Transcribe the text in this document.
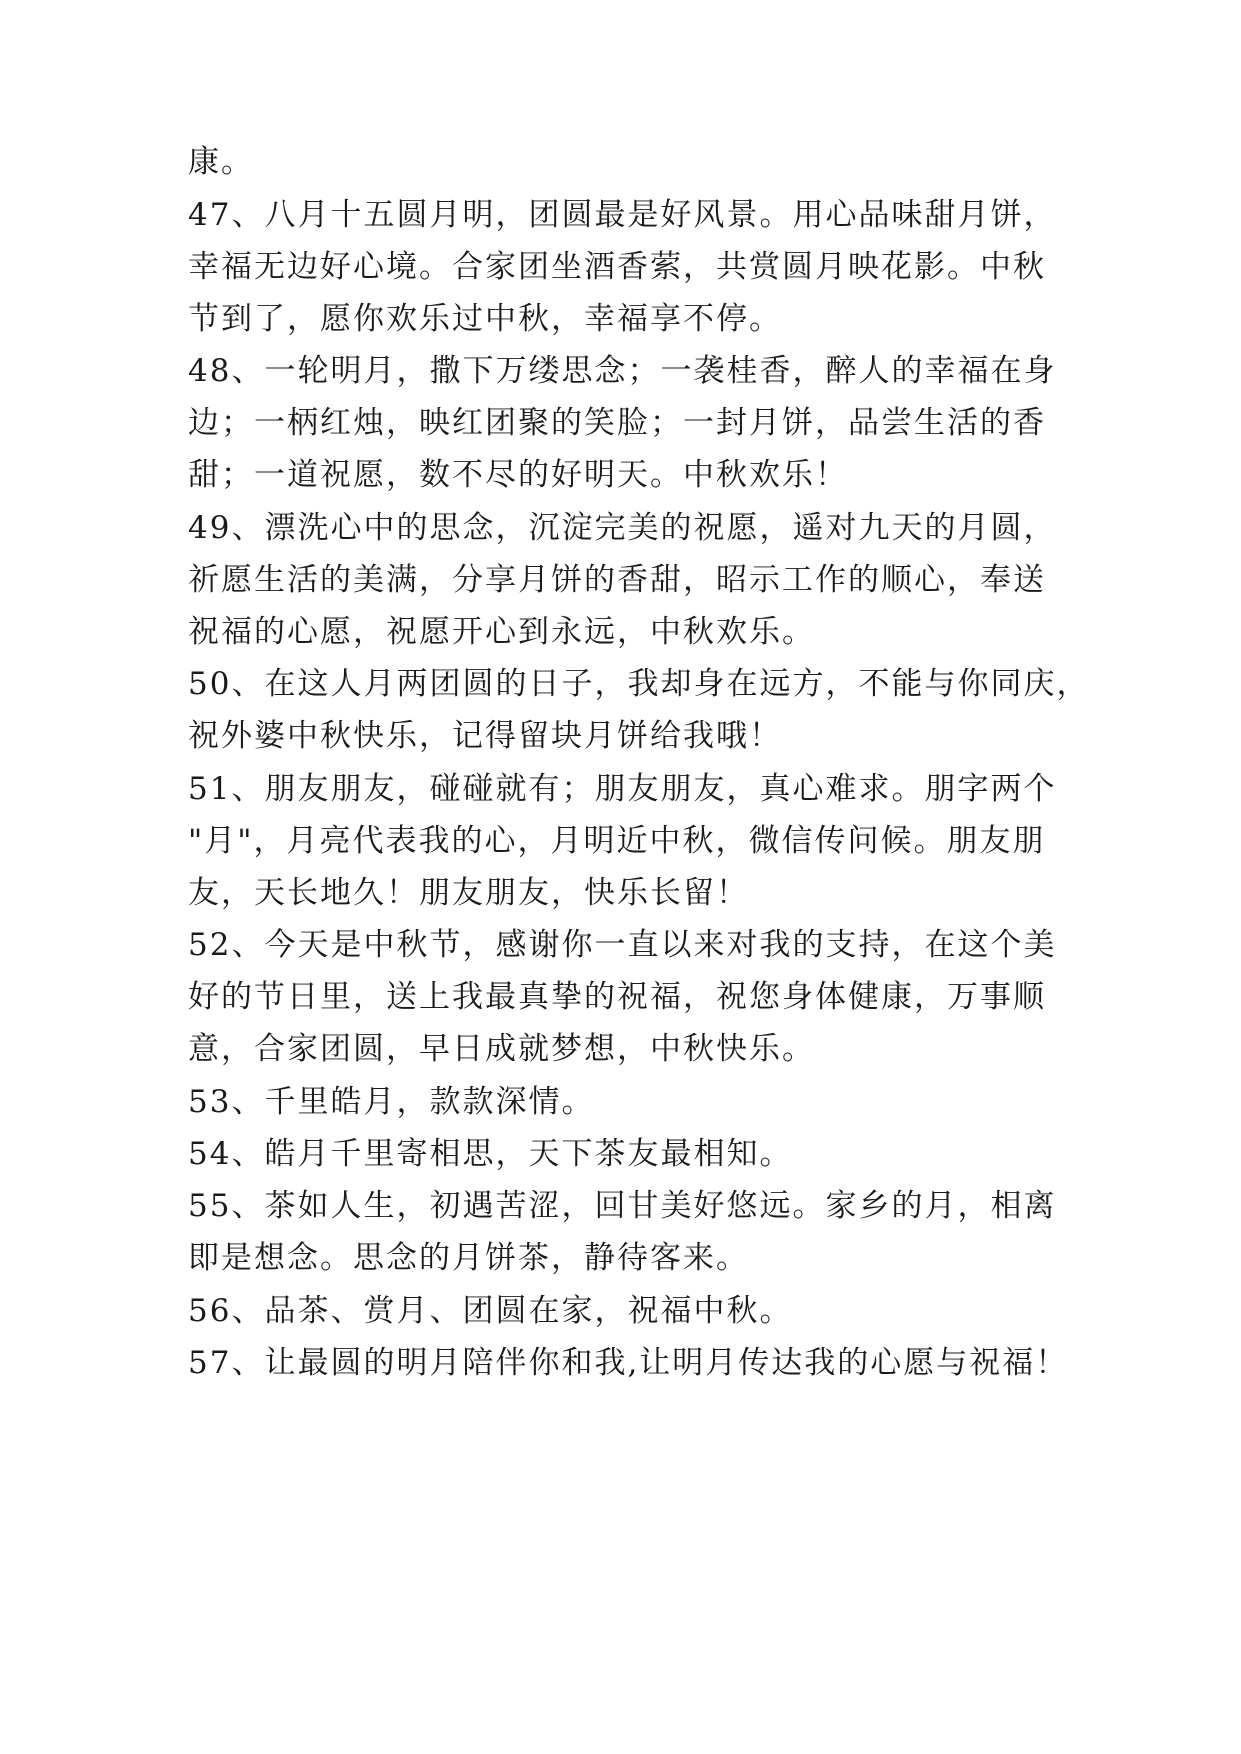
康。
47、八月十五圆月明，团圆最是好风景。用心品味甜月饼，
幸福无边好心境。合家团坐酒香萦，共赏圆月映花影。中秋
节到了，愿你欢乐过中秋，幸福享不停。
48、一轮明月，撒下万缕思念；一袭桂香，醉人的幸福在身
边；一柄红烛，映红团聚的笑脸；一封月饼，品尝生活的香
甜；一道祝愿，数不尽的好明天。中秋欢乐！
49、漂洗心中的思念，沉淀完美的祝愿，遥对九天的月圆，
祈愿生活的美满，分享月饼的香甜，昭示工作的顺心，奉送
祝福的心愿，祝愿开心到永远，中秋欢乐。
50、在这人月两团圆的日子，我却身在远方，不能与你同庆，
祝外婆中秋快乐，记得留块月饼给我哦！
51、朋友朋友，碰碰就有；朋友朋友，真心难求。朋字两个
"月"，月亮代表我的心，月明近中秋，微信传问候。朋友朋
友，天长地久！朋友朋友，快乐长留！
52、今天是中秋节，感谢你一直以来对我的支持，在这个美
好的节日里，送上我最真挚的祝福，祝您身体健康，万事顺
意，合家团圆，早日成就梦想，中秋快乐。
53、千里皓月，款款深情。
54、皓月千里寄相思，天下茶友最相知。
55、茶如人生，初遇苦涩，回甘美好悠远。家乡的月，相离
即是想念。思念的月饼茶，静待客来。
56、品茶、赏月、团圆在家，祝福中秋。
57、让最圆的明月陪伴你和我,让明月传达我的心愿与祝福！
